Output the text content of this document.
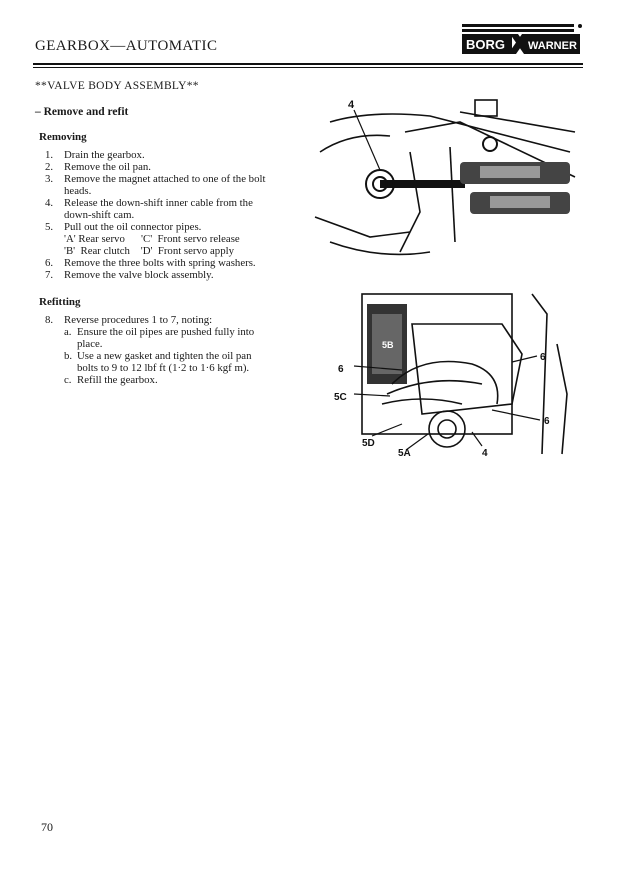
GEARBOX—AUTOMATIC	BORG WARNER
**VALVE BODY ASSEMBLY**
– Remove and refit
Removing
1. Drain the gearbox.
2. Remove the oil pan.
3. Remove the magnet attached to one of the bolt
heads.
4. Release the down-shift inner cable from the
down-shift cam.
5. Pull out the oil connector pipes.
'A' Rear servo      'C'  Front servo release
'B'  Rear clutch    'D'  Front servo apply
6. Remove the three bolts with spring washers.
7. Remove the valve block assembly.
Refitting
8. Reverse procedures 1 to 7, noting:
a. Ensure the oil pipes are pushed fully into
place.
b. Use a new gasket and tighten the oil pan
bolts to 9 to 12 lbf ft (1·2 to 1·6 kgf m).
c. Refill the gearbox.
4
6
5B
6
5C
6
5D
5A	4
70
